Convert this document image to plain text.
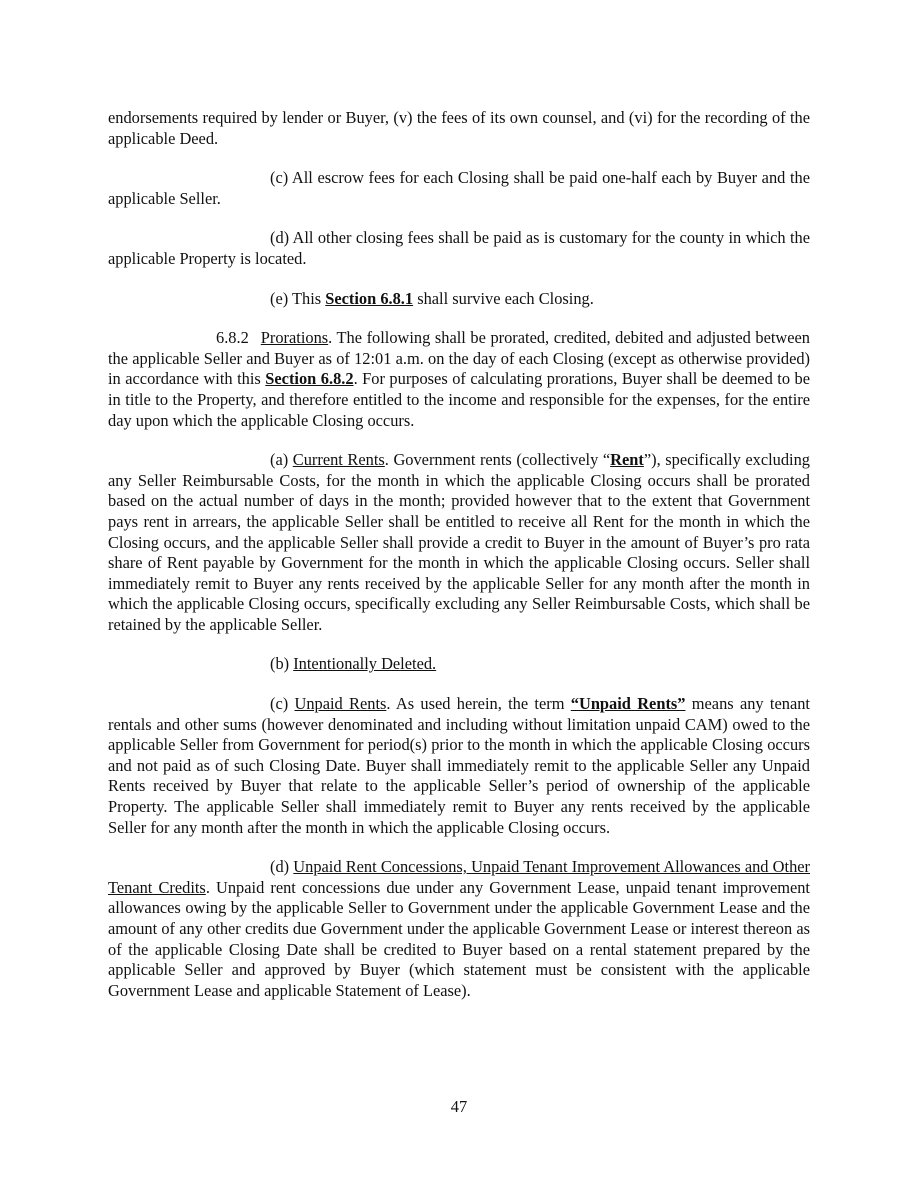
endorsements required by lender or Buyer, (v) the fees of its own counsel, and (vi) for the recording of the applicable Deed.

(c) All escrow fees for each Closing shall be paid one-half each by Buyer and the applicable Seller.

(d) All other closing fees shall be paid as is customary for the county in which the applicable Property is located.

(e) This Section 6.8.1 shall survive each Closing.

6.8.2 Prorations. The following shall be prorated, credited, debited and adjusted between the applicable Seller and Buyer as of 12:01 a.m. on the day of each Closing (except as otherwise provided) in accordance with this Section 6.8.2. For purposes of calculating prorations, Buyer shall be deemed to be in title to the Property, and therefore entitled to the income and responsible for the expenses, for the entire day upon which the applicable Closing occurs.

(a) Current Rents. Government rents (collectively “Rent”), specifically excluding any Seller Reimbursable Costs, for the month in which the applicable Closing occurs shall be prorated based on the actual number of days in the month; provided however that to the extent that Government pays rent in arrears, the applicable Seller shall be entitled to receive all Rent for the month in which the Closing occurs, and the applicable Seller shall provide a credit to Buyer in the amount of Buyer’s pro rata share of Rent payable by Government for the month in which the applicable Closing occurs. Seller shall immediately remit to Buyer any rents received by the applicable Seller for any month after the month in which the applicable Closing occurs, specifically excluding any Seller Reimbursable Costs, which shall be retained by the applicable Seller.

(b) Intentionally Deleted.

(c) Unpaid Rents. As used herein, the term “Unpaid Rents” means any tenant rentals and other sums (however denominated and including without limitation unpaid CAM) owed to the applicable Seller from Government for period(s) prior to the month in which the applicable Closing occurs and not paid as of such Closing Date. Buyer shall immediately remit to the applicable Seller any Unpaid Rents received by Buyer that relate to the applicable Seller’s period of ownership of the applicable Property. The applicable Seller shall immediately remit to Buyer any rents received by the applicable Seller for any month after the month in which the applicable Closing occurs.

(d) Unpaid Rent Concessions, Unpaid Tenant Improvement Allowances and Other Tenant Credits. Unpaid rent concessions due under any Government Lease, unpaid tenant improvement allowances owing by the applicable Seller to Government under the applicable Government Lease and the amount of any other credits due Government under the applicable Government Lease or interest thereon as of the applicable Closing Date shall be credited to Buyer based on a rental statement prepared by the applicable Seller and approved by Buyer (which statement must be consistent with the applicable Government Lease and applicable Statement of Lease).

47
